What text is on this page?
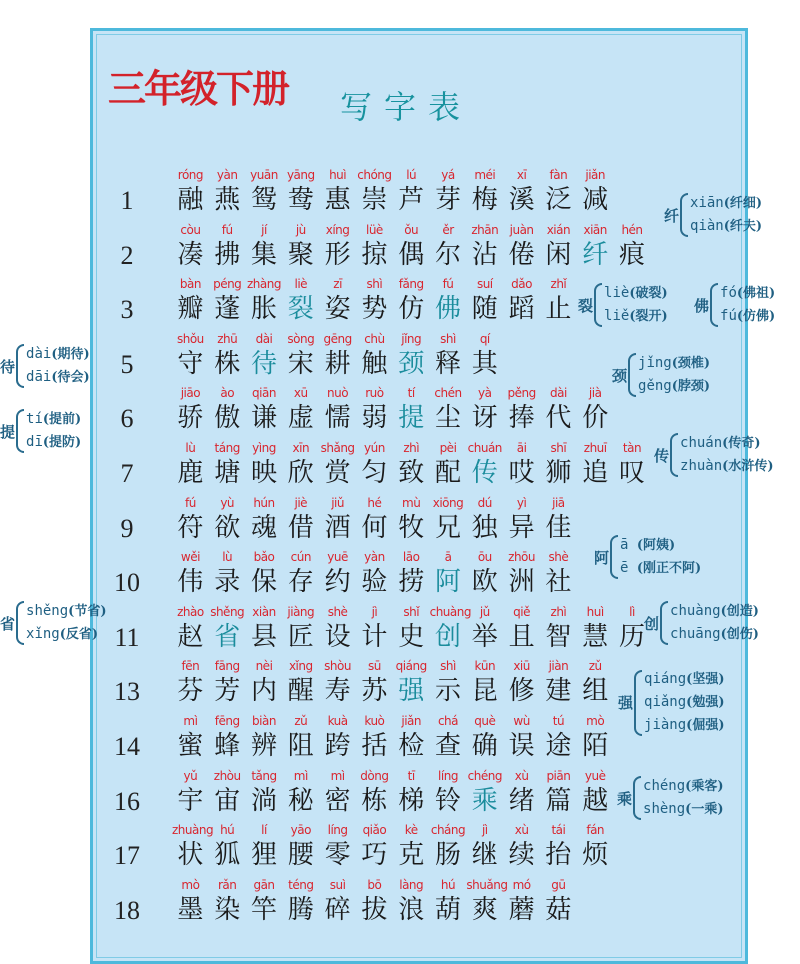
三年级下册 写字表
1
róng
融
yàn
燕
yuān
鸳
yāng
鸯
huì
惠
chóng
崇
lú
芦
yá
芽
méi
梅
xī
溪
fàn
泛
jiǎn
减
2
còu
凑
fú
拂
jí
集
jù
聚
xíng
形
lüè
掠
ǒu
偶
ěr
尔
zhān
沾
juàn
倦
xián
闲
xiān
纤
hén
痕
3
bàn
瓣
péng
蓬
zhàng
胀
liè
裂
zī
姿
shì
势
fǎng
仿
fú
佛
suí
随
dǎo
蹈
zhǐ
止
5
shǒu
守
zhū
株
dài
待
sòng
宋
gēng
耕
chù
触
jǐng
颈
shì
释
qí
其
6
jiāo
骄
ào
傲
qiān
谦
xū
虚
nuò
懦
ruò
弱
tí
提
chén
尘
yà
讶
pěng
捧
dài
代
jià
价
7
lù
鹿
táng
塘
yìng
映
xīn
欣
shǎng
赏
yún
匀
zhì
致
pèi
配
chuán
传
āi
哎
shī
狮
zhuī
追
tàn
叹
9
fú
符
yù
欲
hún
魂
jiè
借
jiǔ
酒
hé
何
mù
牧
xiōng
兄
dú
独
yì
异
jiā
佳
10
wěi
伟
lù
录
bǎo
保
cún
存
yuē
约
yàn
验
lāo
捞
ā
阿
ōu
欧
zhōu
洲
shè
社
11
zhào
赵
shěng
省
xiàn
县
jiàng
匠
shè
设
jì
计
shǐ
史
chuàng
创
jǔ
举
qiě
且
zhì
智
huì
慧
lì
历
13
fēn
芬
fāng
芳
nèi
内
xǐng
醒
shòu
寿
sū
苏
qiáng
强
shì
示
kūn
昆
xiū
修
jiàn
建
zǔ
组
14
mì
蜜
fēng
蜂
biàn
辨
zǔ
阻
kuà
跨
kuò
括
jiǎn
检
chá
查
què
确
wù
误
tú
途
mò
陌
16
yǔ
宇
zhòu
宙
tǎng
淌
mì
秘
mì
密
dòng
栋
tī
梯
líng
铃
chéng
乘
xù
绪
piān
篇
yuè
越
17
zhuàng
状
hú
狐
lí
狸
yāo
腰
líng
零
qiǎo
巧
kè
克
cháng
肠
jì
继
xù
续
tái
抬
fán
烦
18
mò
墨
rǎn
染
gān
竿
téng
腾
suì
碎
bō
拔
làng
浪
hú
葫
shuǎng
爽
mó
蘑
gū
菇
纤
xiān(纤细)
qiàn(纤夫)
裂
liè(破裂)
liě(裂开)
佛
fó(佛祖)
fú(仿佛)
待
dài(期待)
dāi(待会)	颈
jǐng(颈椎)
gěng(脖颈)
提
tí(提前)
dī(提防)
传
chuán(传奇)
zhuàn(水浒传)
阿
ā (阿姨)
ē (刚正不阿)
省
shěng(节省)
xǐng(反省)
创
chuàng(创造)
chuāng(创伤)
强
qiáng(坚强)
qiǎng(勉强)
jiàng(倔强)
乘
chéng(乘客)
shèng(一乘)
